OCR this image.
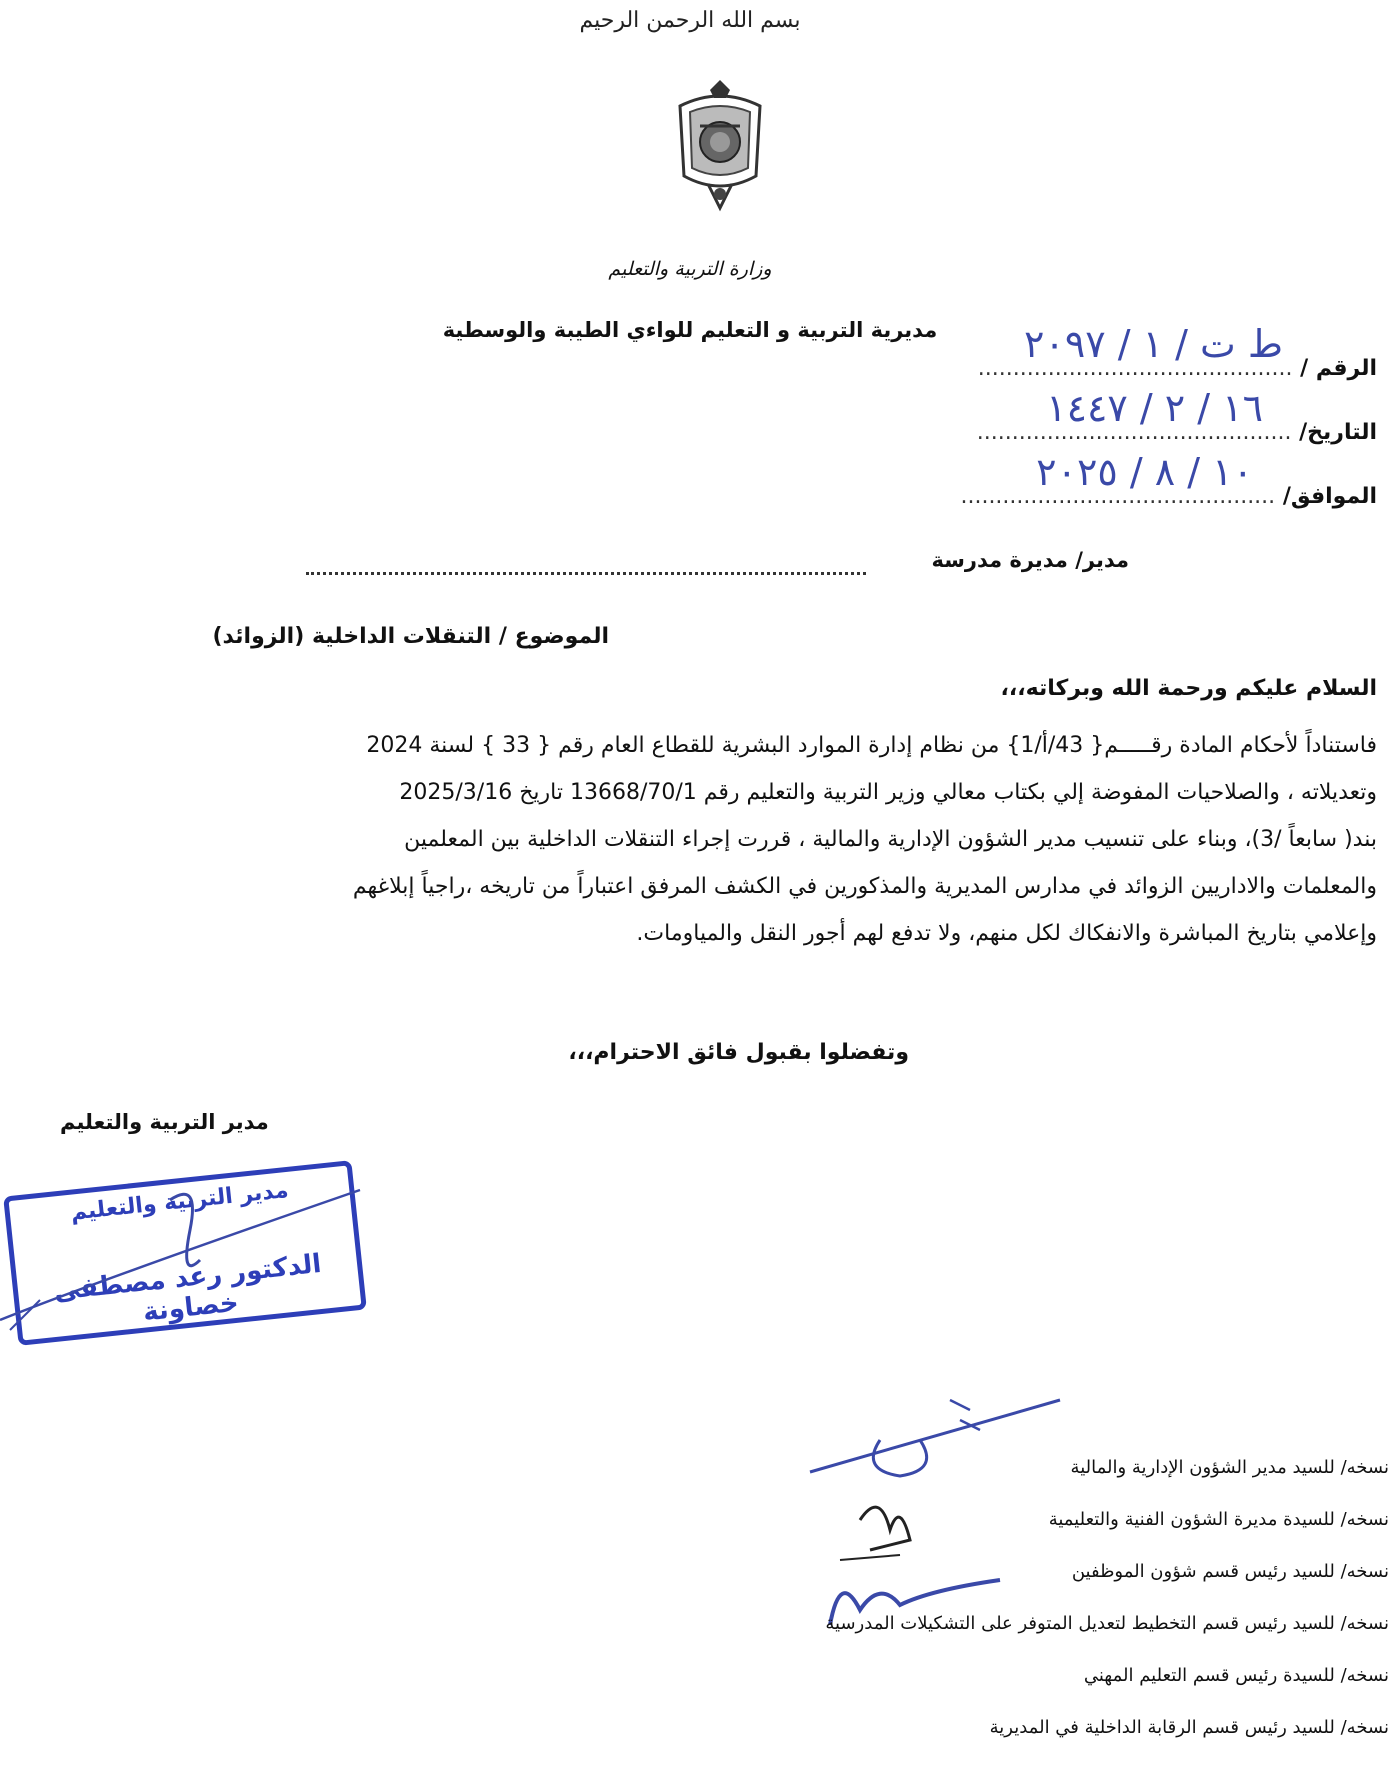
بسم الله الرحمن الرحيم
وزارة التربية والتعليم
مديرية التربية و التعليم للواءي الطيبة والوسطية
الرقم / .............................................
ط ت / ١ / ٢٠٩٧
التاريخ/ .............................................
١٦ / ٢ / ١٤٤٧
الموافق/ .............................................
١٠ / ٨ / ٢٠٢٥
مدير/ مديرة مدرسة
الموضوع / التنقلات الداخلية (الزوائد)
السلام عليكم ورحمة الله وبركاته،،،

فاستناداً لأحكام المادة رقـــــم{ 43/أ/1} من نظام إدارة الموارد البشرية للقطاع العام رقم { 33 } لسنة 2024

وتعديلاته ، والصلاحيات المفوضة إلي بكتاب معالي وزير التربية والتعليم رقم 13668/70/1 تاريخ 2025/3/16

بند( سابعاً /3)، وبناء على تنسيب مدير الشؤون الإدارية والمالية ، قررت إجراء التنقلات الداخلية بين المعلمين

والمعلمات والاداريين الزوائد في مدارس المديرية والمذكورين في الكشف المرفق اعتباراً من تاريخه ،راجياً إبلاغهم

وإعلامي بتاريخ المباشرة والانفكاك لكل منهم، ولا تدفع لهم أجور النقل والمياومات.

وتفضلوا بقبول فائق الاحترام،،،
مدير التربية والتعليم
مدير التربية والتعليم
الدكتور رعد مصطفى خصاونة
نسخه/ للسيد مدير الشؤون الإدارية والمالية
نسخه/ للسيدة مديرة الشؤون الفنية والتعليمية
نسخه/ للسيد رئيس قسم شؤون الموظفين
نسخه/ للسيد رئيس قسم التخطيط لتعديل المتوفر على التشكيلات المدرسية
نسخه/ للسيدة رئيس قسم التعليم المهني
نسخه/ للسيد رئيس قسم الرقابة الداخلية في المديرية
